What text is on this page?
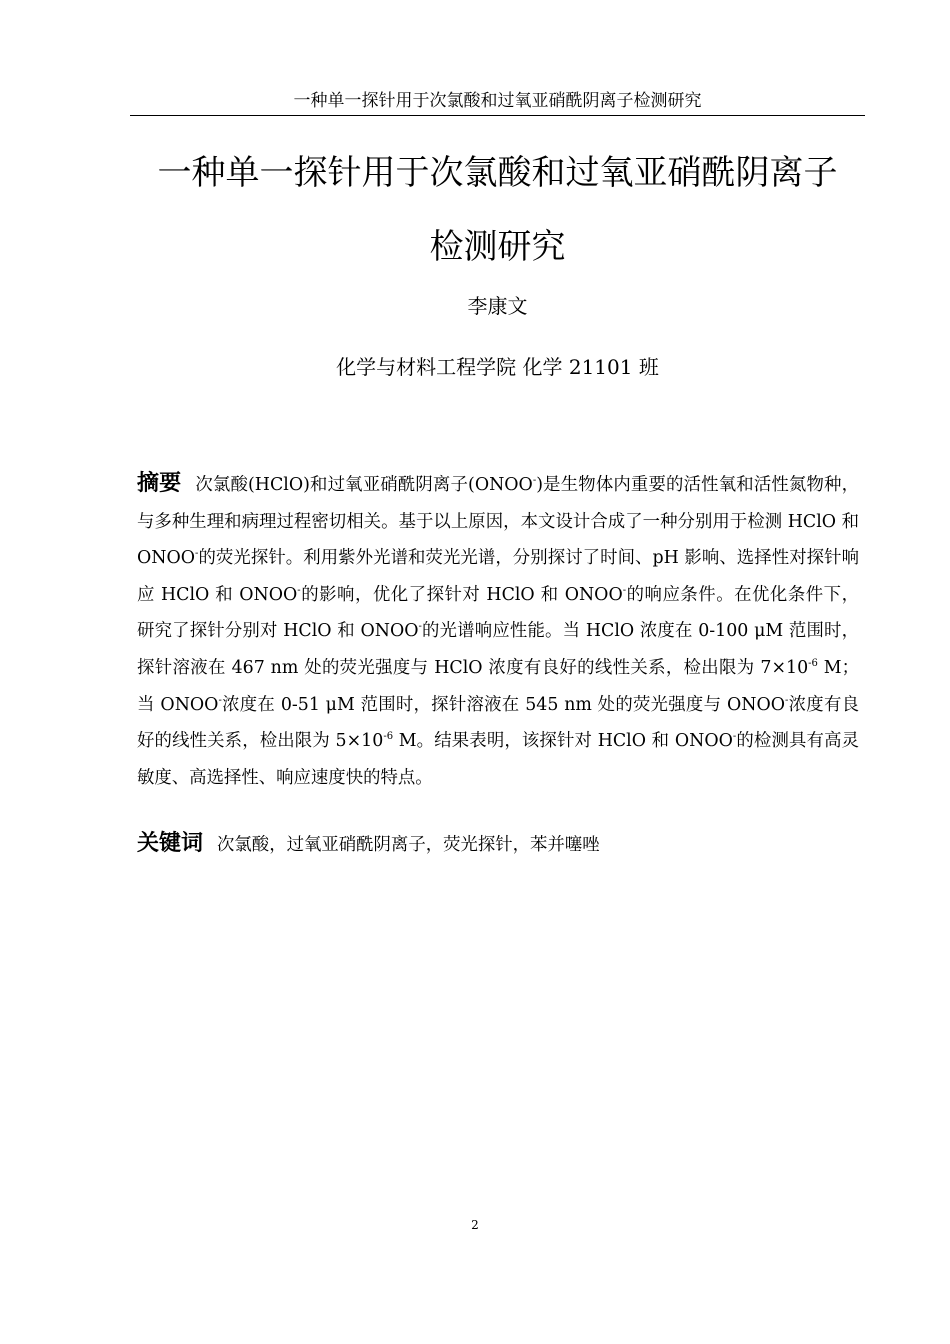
一种单一探针用于次氯酸和过氧亚硝酰阴离子检测研究
一种单一探针用于次氯酸和过氧亚硝酰阴离子
检测研究
李康文
化学与材料工程学院 化学 21101 班

摘要 次氯酸(HClO)和过氧亚硝酰阴离子(ONOO-)是生物体内重要的活性氧和活性氮物种，与多种生理和病理过程密切相关。基于以上原因，本文设计合成了一种分别用于检测 HClO 和 ONOO-的荧光探针。利用紫外光谱和荧光光谱，分别探讨了时间、pH 影响、选择性对探针响应 HClO 和 ONOO-的影响，优化了探针对 HClO 和 ONOO-的响应条件。在优化条件下，研究了探针分别对 HClO 和 ONOO-的光谱响应性能。当 HClO 浓度在 0-100 μM 范围时，探针溶液在 467 nm 处的荧光强度与 HClO 浓度有良好的线性关系，检出限为 $7\times 10^{-6}$ M；当 ONOO-浓度在 0-51 μM 范围时，探针溶液在 545 nm 处的荧光强度与 ONOO-浓度有良好的线性关系，检出限为 $5\times 10^{-6}$ M。结果表明，该探针对 HClO 和 ONOO-的检测具有高灵敏度、高选择性、响应速度快的特点。

关键词 次氯酸，过氧亚硝酰阴离子，荧光探针，苯并噻唑

2
